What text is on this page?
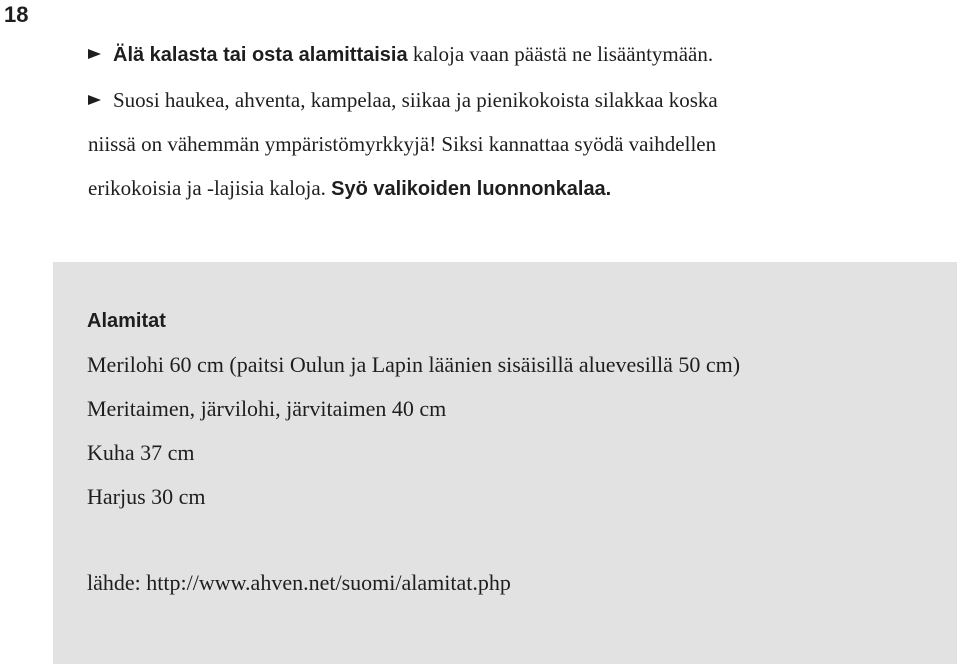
18
Älä kalasta tai osta alamittaisia kaloja vaan päästä ne lisääntymään.
Suosi haukea, ahventa, kampelaa, siikaa ja pienikokoista silakkaa koska
niissä on vähemmän ympäristömyrkkyjä! Siksi kannattaa syödä vaihdellen
erikokoisia ja -lajisia kaloja. Syö valikoiden luonnonkalaa.
Alamitat
Merilohi 60 cm (paitsi Oulun ja Lapin läänien sisäisillä aluevesillä 50 cm)
Meritaimen, järvilohi, järvitaimen 40 cm
Kuha 37 cm
Harjus 30 cm
lähde: http://www.ahven.net/suomi/alamitat.php
